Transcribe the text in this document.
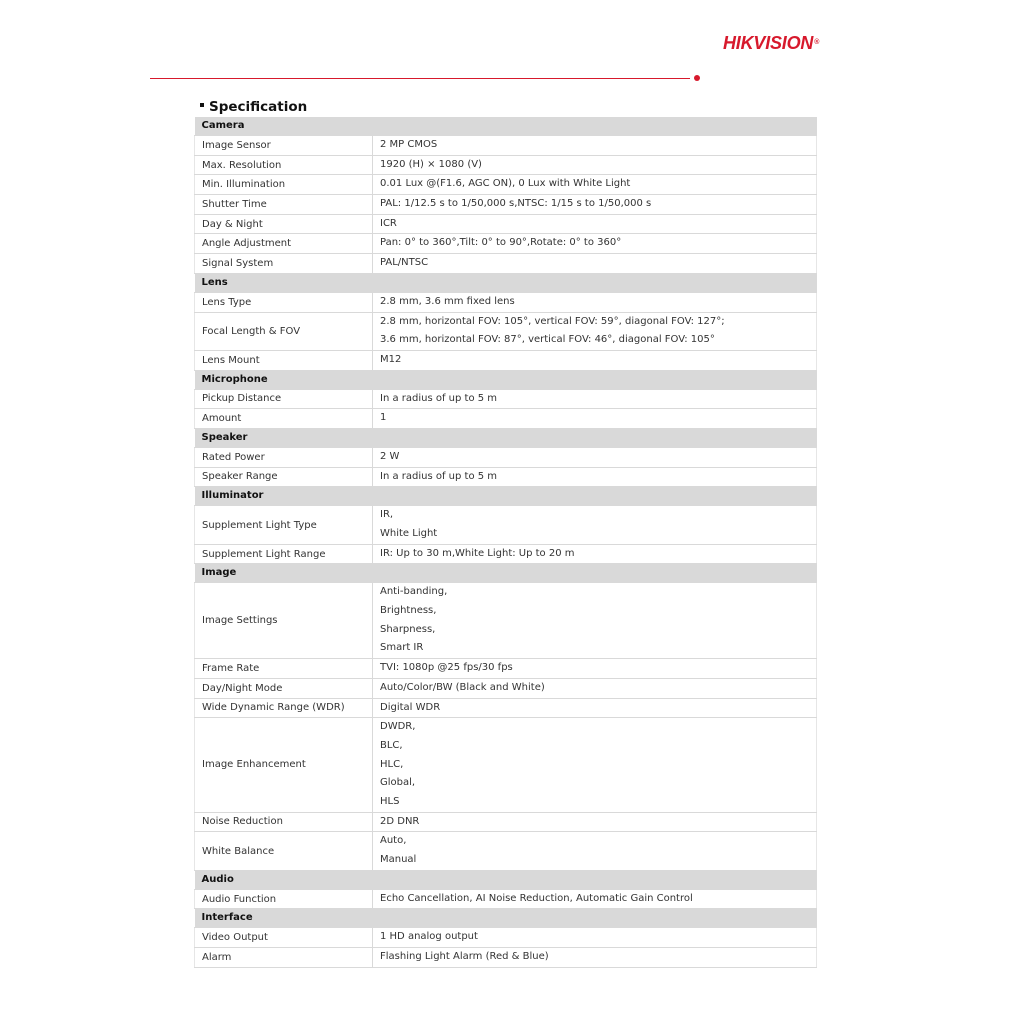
HIKVISION®
Specification
Camera	
Image Sensor	2 MP CMOS

Max. Resolution	1920 (H) × 1080 (V)

Min. Illumination	0.01 Lux @(F1.6, AGC ON), 0 Lux with White Light

Shutter Time	PAL: 1/12.5 s to 1/50,000 s,NTSC: 1/15 s to 1/50,000 s

Day & Night	ICR

Angle Adjustment	Pan: 0° to 360°,Tilt: 0° to 90°,Rotate: 0° to 360°

Signal System	PAL/NTSC

Lens	
Lens Type	2.8 mm, 3.6 mm fixed lens

Focal Length & FOV	2.8 mm, horizontal FOV: 105°, vertical FOV: 59°, diagonal FOV: 127°;
3.6 mm, horizontal FOV: 87°, vertical FOV: 46°, diagonal FOV: 105°

Lens Mount	M12

Microphone	
Pickup Distance	In a radius of up to 5 m

Amount	1

Speaker	
Rated Power	2 W

Speaker Range	In a radius of up to 5 m

Illuminator	
Supplement Light Type	IR,
White Light

Supplement Light Range	IR: Up to 30 m,White Light: Up to 20 m

Image	
Image Settings	Anti-banding,
Brightness,
Sharpness,
Smart IR

Frame Rate	TVI: 1080p @25 fps/30 fps

Day/Night Mode	Auto/Color/BW (Black and White)

Wide Dynamic Range (WDR)	Digital WDR

Image Enhancement	DWDR,
BLC,
HLC,
Global,
HLS

Noise Reduction	2D DNR

White Balance	Auto,
Manual

Audio	
Audio Function	Echo Cancellation, AI Noise Reduction, Automatic Gain Control

Interface	
Video Output	1 HD analog output

Alarm	Flashing Light Alarm (Red & Blue)
